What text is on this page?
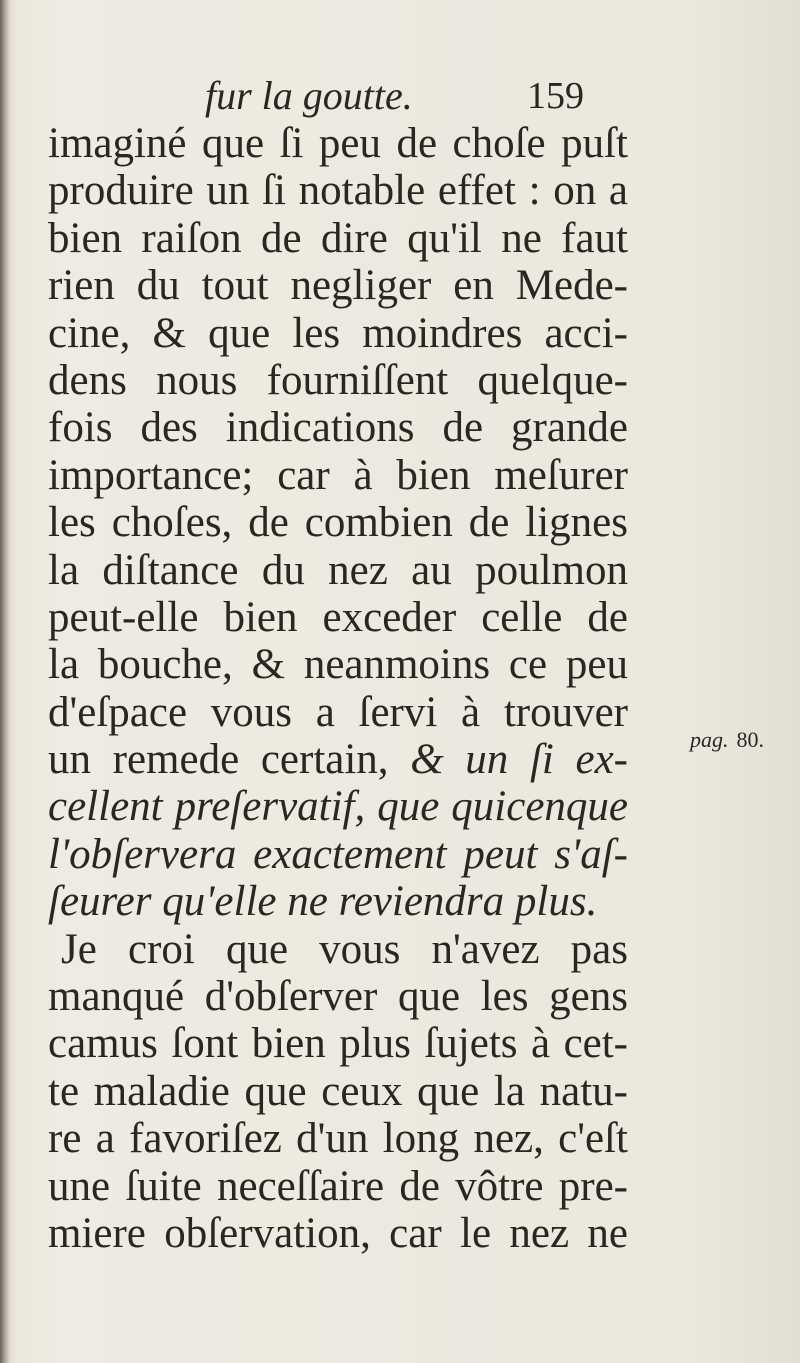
fur la goutte.	159
imaginé que ſi peu de choſe puſt
produire un ſi notable effet : on a
bien raiſon de dire qu'il ne faut
rien du tout negliger en Mede-
cine, & que les moindres acci-
dens nous fourniſſent quelque-
fois des indications de grande
importance; car à bien meſurer
les choſes, de combien de lignes
la diſtance du nez au poulmon
peut-elle bien exceder celle de
la bouche, & neanmoins ce peu
d'eſpace vous a ſervi à trouver
un remede certain, & un ſi ex-
cellent preſervatif, que quicenque
l'obſervera exactement peut s'aſ-
ſeurer qu'elle ne reviendra plus.
Je croi que vous n'avez pas
manqué d'obſerver que les gens
camus ſont bien plus ſujets à cet-
te maladie que ceux que la natu-
re a favoriſez d'un long nez, c'eſt
une ſuite neceſſaire de vôtre pre-
miere obſervation, car le nez ne
pag. 80.
